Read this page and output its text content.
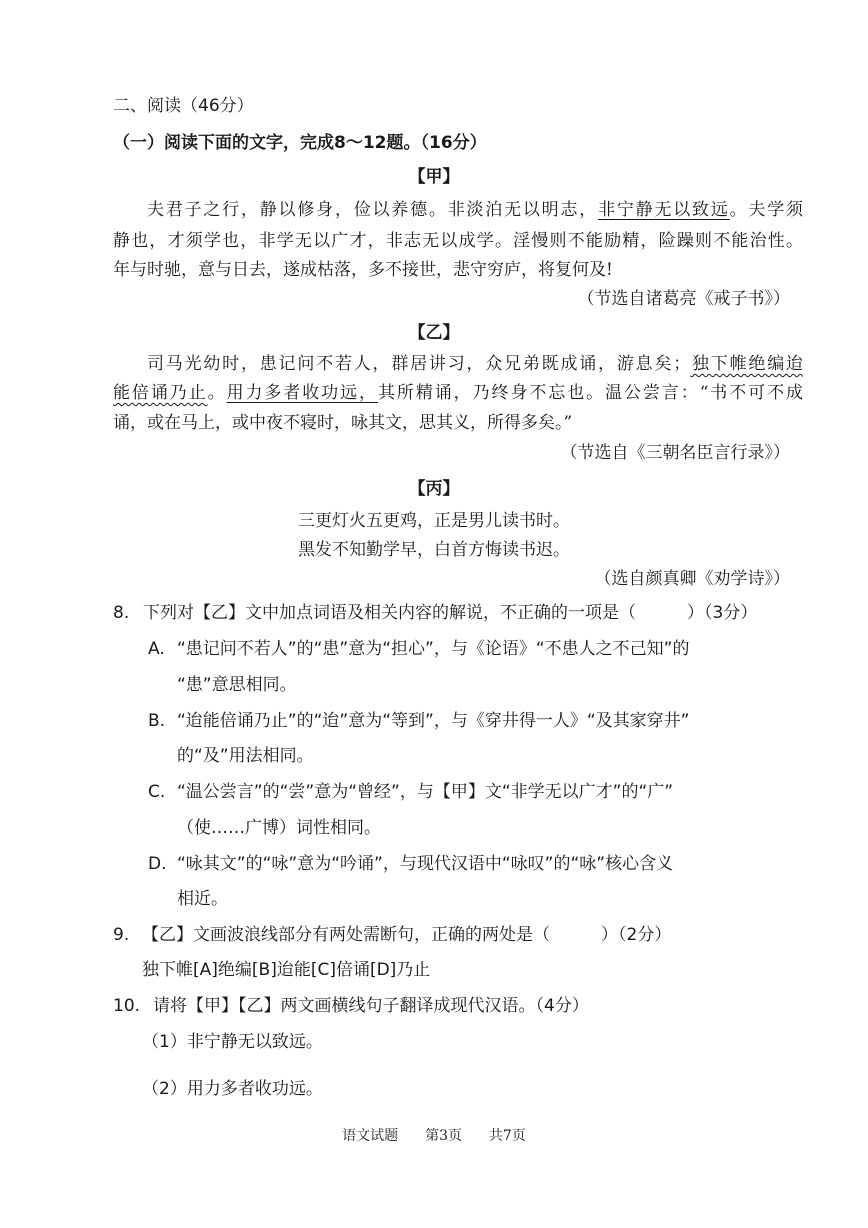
二、阅读（46分）
（一）阅读下面的文字，完成8～12题。（16分）
【甲】
夫君子之行，静以修身，俭以养德。非淡泊无以明志，非宁静无以致远。夫学须
静也，才须学也，非学无以广才，非志无以成学。淫慢则不能励精，险躁则不能治性。
年与时驰，意与日去，遂成枯落，多不接世，悲守穷庐，将复何及!
（节选自诸葛亮《戒子书》）
【乙】
司马光幼时，患记问不若人，群居讲习，众兄弟既成诵，游息矣；独下帷绝编迨
能倍诵乃止。用力多者收功远，其所精诵，乃终身不忘也。温公尝言：“书不可不成
诵，或在马上，或中夜不寝时，咏其文，思其义，所得多矣。”
（节选自《三朝名臣言行录》）
【丙】
三更灯火五更鸡，正是男儿读书时。
黑发不知勤学早，白首方悔读书迟。
（选自颜真卿《劝学诗》）
8. 下列对【乙】文中加点词语及相关内容的解说，不正确的一项是（　　　）（3分）
A. “患记问不若人”的“患”意为“担心”，与《论语》“不患人之不己知”的
“患”意思相同。
B. “迨能倍诵乃止”的“迨”意为“等到”，与《穿井得一人》“及其家穿井”
的“及”用法相同。
C. “温公尝言”的“尝”意为“曾经”，与【甲】文“非学无以广才”的“广”
（使……广博）词性相同。
D. “咏其文”的“咏”意为“吟诵”，与现代汉语中“咏叹”的“咏”核心含义
相近。
9. 【乙】文画波浪线部分有两处需断句，正确的两处是（　　　）（2分）
独下帷[A]绝编[B]迨能[C]倍诵[D]乃止
10. 请将【甲】【乙】两文画横线句子翻译成现代汉语。（4分）
（1）非宁静无以致远。
（2）用力多者收功远。
语文试题 第3页 共7页
